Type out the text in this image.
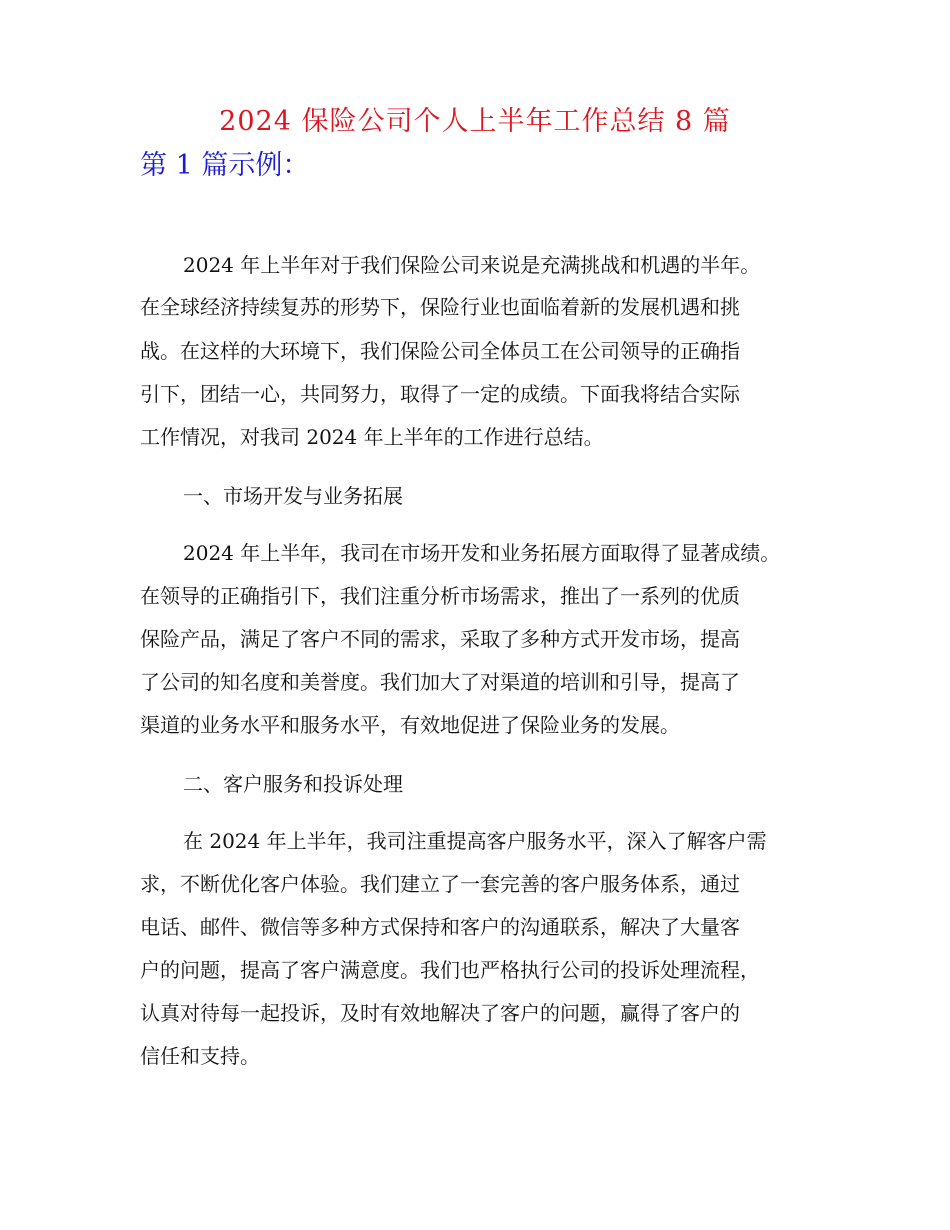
2024 保险公司个人上半年工作总结 8 篇
第 1 篇示例：
2024 年上半年对于我们保险公司来说是充满挑战和机遇的半年。
在全球经济持续复苏的形势下，保险行业也面临着新的发展机遇和挑
战。在这样的大环境下，我们保险公司全体员工在公司领导的正确指
引下，团结一心，共同努力，取得了一定的成绩。下面我将结合实际
工作情况，对我司 2024 年上半年的工作进行总结。
一、市场开发与业务拓展
2024 年上半年，我司在市场开发和业务拓展方面取得了显著成绩。
在领导的正确指引下，我们注重分析市场需求，推出了一系列的优质
保险产品，满足了客户不同的需求，采取了多种方式开发市场，提高
了公司的知名度和美誉度。我们加大了对渠道的培训和引导，提高了
渠道的业务水平和服务水平，有效地促进了保险业务的发展。
二、客户服务和投诉处理
在 2024 年上半年，我司注重提高客户服务水平，深入了解客户需
求，不断优化客户体验。我们建立了一套完善的客户服务体系，通过
电话、邮件、微信等多种方式保持和客户的沟通联系，解决了大量客
户的问题，提高了客户满意度。我们也严格执行公司的投诉处理流程，
认真对待每一起投诉，及时有效地解决了客户的问题，赢得了客户的
信任和支持。
